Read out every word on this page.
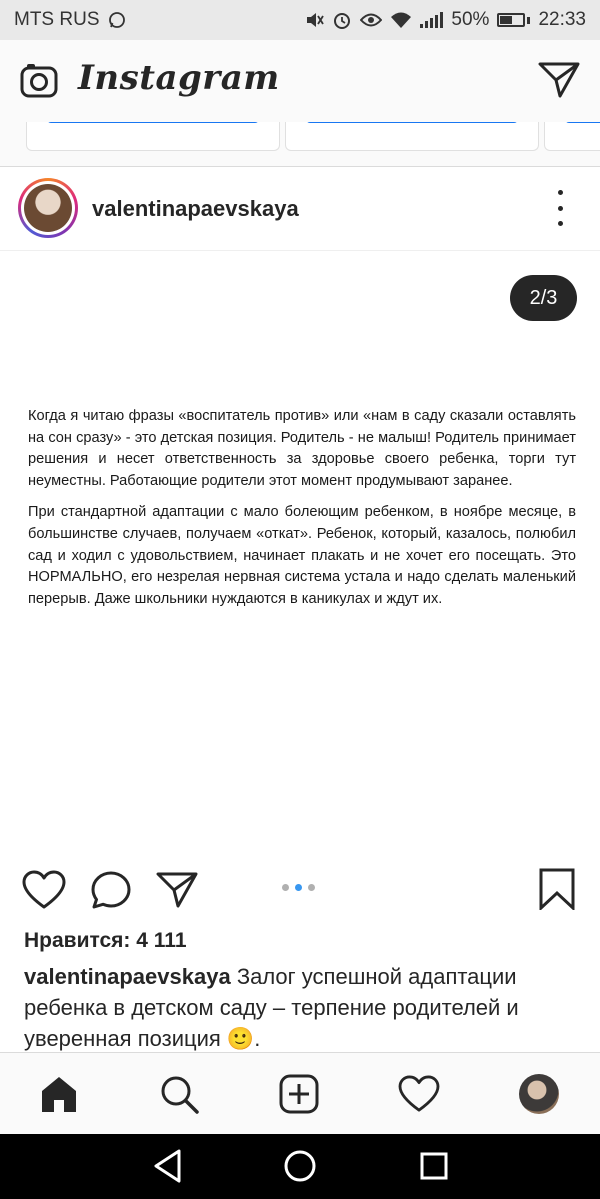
MTS RUS	50%	22:33
Instagram
valentinapaevskaya
2/3

Когда я читаю фразы «воспитатель против» или «нам в саду сказали оставлять на сон сразу» - это детская позиция. Родитель - не малыш! Родитель принимает решения и несет ответственность за здоровье своего ребенка, торги тут неуместны. Работающие родители этот момент продумывают заранее.

При стандартной адаптации с мало болеющим ребенком, в ноябре месяце, в большинстве случаев, получаем «откат». Ребенок, который, казалось, полюбил сад и ходил с удовольствием, начинает плакать и не хочет его посещать. Это НОРМАЛЬНО, его незрелая нервная система устала и надо сделать маленький перерыв. Даже школьники нуждаются в каникулах и ждут их.

Нравится: 4 111
valentinapaevskaya Залог успешной адаптации ребенка в детском саду – терпение родителей и уверенная позиция 🙂.
